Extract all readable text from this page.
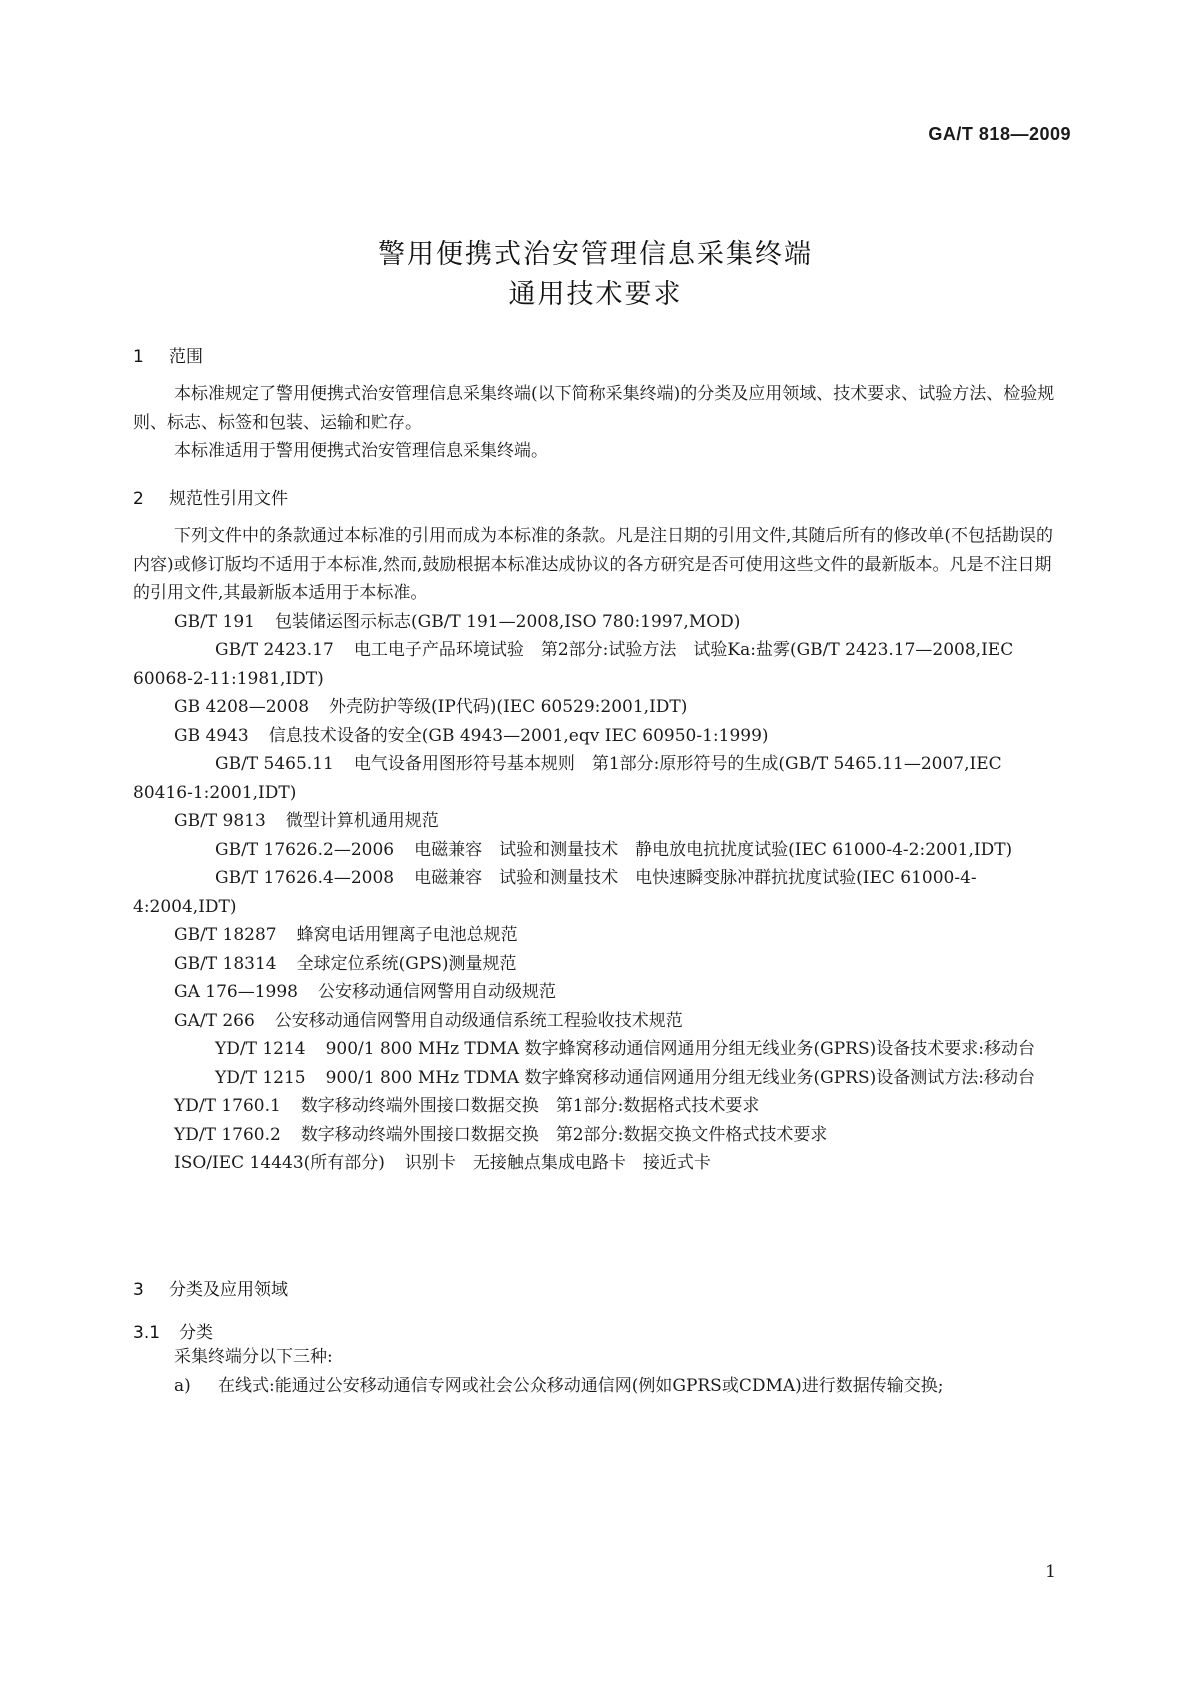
GA/T 818—2009
警用便携式治安管理信息采集终端
通用技术要求
1 范围

本标准规定了警用便携式治安管理信息采集终端(以下简称采集终端)的分类及应用领域、技术要求、试验方法、检验规则、标志、标签和包装、运输和贮存。

本标准适用于警用便携式治安管理信息采集终端。

2 规范性引用文件

下列文件中的条款通过本标准的引用而成为本标准的条款。凡是注日期的引用文件,其随后所有的修改单(不包括勘误的内容)或修订版均不适用于本标准,然而,鼓励根据本标准达成协议的各方研究是否可使用这些文件的最新版本。凡是不注日期的引用文件,其最新版本适用于本标准。

GB/T 191 包装储运图示标志(GB/T 191—2008,ISO 780:1997,MOD)

GB/T 2423.17 电工电子产品环境试验　第2部分:试验方法　试验Ka:盐雾(GB/T 2423.17—2008,IEC 60068-2-11:1981,IDT)

GB 4208—2008 外壳防护等级(IP代码)(IEC 60529:2001,IDT)

GB 4943 信息技术设备的安全(GB 4943—2001,eqv IEC 60950-1:1999)

GB/T 5465.11 电气设备用图形符号基本规则　第1部分:原形符号的生成(GB/T 5465.11—2007,IEC 80416-1:2001,IDT)

GB/T 9813 微型计算机通用规范

GB/T 17626.2—2006 电磁兼容　试验和测量技术　静电放电抗扰度试验(IEC 61000-4-2:2001,IDT)

GB/T 17626.4—2008 电磁兼容　试验和测量技术　电快速瞬变脉冲群抗扰度试验(IEC 61000-4-4:2004,IDT)

GB/T 18287 蜂窝电话用锂离子电池总规范

GB/T 18314 全球定位系统(GPS)测量规范

GA 176—1998 公安移动通信网警用自动级规范

GA/T 266 公安移动通信网警用自动级通信系统工程验收技术规范

YD/T 1214 900/1 800 MHz TDMA 数字蜂窝移动通信网通用分组无线业务(GPRS)设备技术要求:移动台

YD/T 1215 900/1 800 MHz TDMA 数字蜂窝移动通信网通用分组无线业务(GPRS)设备测试方法:移动台

YD/T 1760.1 数字移动终端外围接口数据交换　第1部分:数据格式技术要求

YD/T 1760.2 数字移动终端外围接口数据交换　第2部分:数据交换文件格式技术要求

ISO/IEC 14443(所有部分) 识别卡　无接触点集成电路卡　接近式卡

3 分类及应用领域
3.1 分类

采集终端分以下三种:

a)	在线式:能通过公安移动通信专网或社会公众移动通信网(例如GPRS或CDMA)进行数据传输交换;
1
